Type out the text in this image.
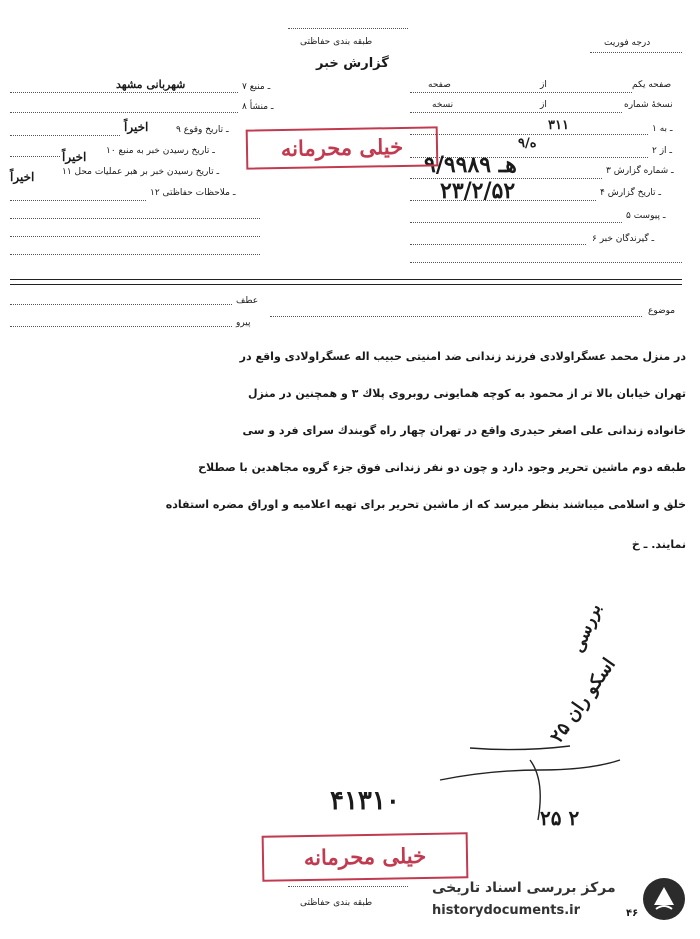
درجه فوريت
طبقه بندى حفاظتى
گزارش خبر
صفحه يكم
از
صفحه
نسخهٔ شماره
از
نسخه
۱ ـ به
۳۱۱
۲ ـ از
۹/ه
۳ ـ شماره گزارش
۹/۹۹۸۹ هـ
۴ ـ تاريخ گزارش
۲۳/۲/۵۲
۵ ـ پيوست
۶ ـ گيرندگان خبر
۷ ـ منبع
شهربانى مشهد
۸ ـ منشأ
۹ ـ تاريخ وقوع
اخيراً
۱۰ ـ تاريخ رسيدن خبر به منبع
اخيراً
۱۱ ـ تاريخ رسيدن خبر بر هبر عمليات محل
اخيراً
۱۲ ـ ملاحظات حفاظتى
خيلى محرمانه
عطف
پيرو
موضوع
در منزل محمد عسگراولادى فرزند زندانى ضد امنيتى حبيب اله عسگراولادى واقع در
تهران خيابان بالا تر از محمود به كوچه همايونى روبروى پلاك ۳ و همچنين در منزل
خانواده زندانى على اصغر حيدرى واقع در تهران چهار راه گوبندك سراى فرد و سى
طبقه دوم ماشين تحرير وجود دارد و چون دو نفر زندانى فوق جزء گروه مجاهدين با صطلاح
خلق و اسلامى ميباشند بنظر ميرسد كه از ماشين تحرير براى تهيه اعلاميه و اوراق مضره استفاده
نمايند. ـ خ
بررسی
۲۵ اسکو ران
۲۵ ۲
۴۱۳۱۰
خيلى محرمانه
طبقه بندى حفاظتى
۴۶
مرکز بررسی اسناد تاریخی
historydocuments.ir
